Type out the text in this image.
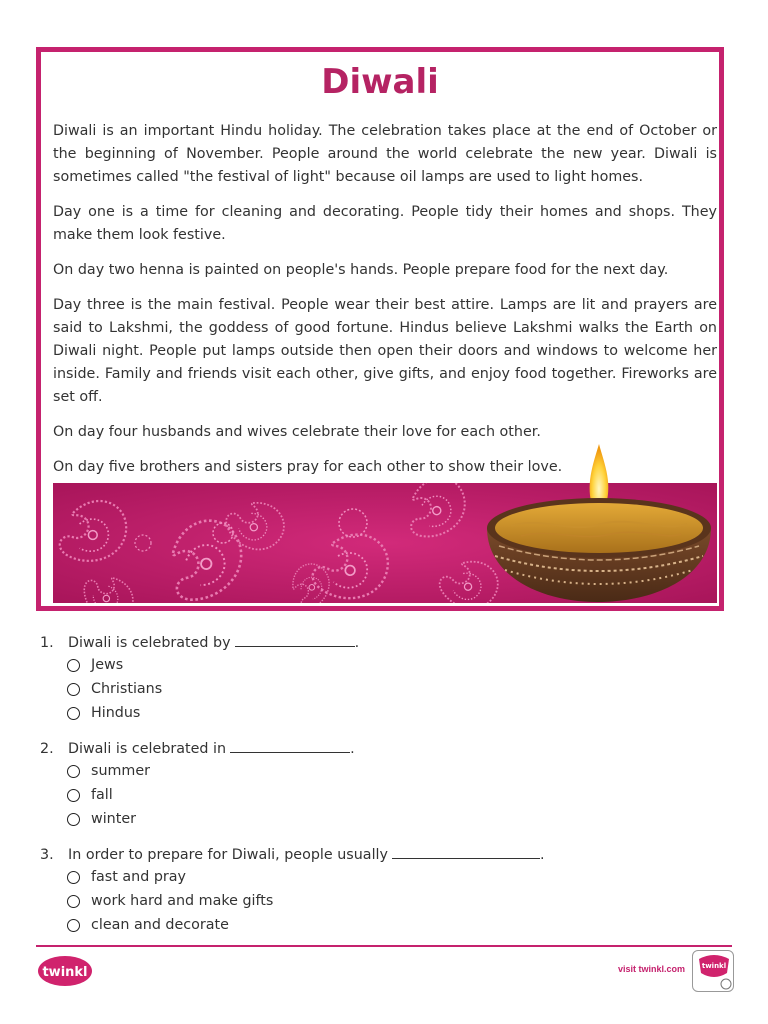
Diwali

Diwali is an important Hindu holiday. The celebration takes place at the end of October or the beginning of November. People around the world celebrate the new year. Diwali is sometimes called "the festival of light" because oil lamps are used to light homes.

Day one is a time for cleaning and decorating. People tidy their homes and shops. They make them look festive.

On day two henna is painted on people's hands. People prepare food for the next day.

Day three is the main festival. People wear their best attire. Lamps are lit and prayers are said to Lakshmi, the goddess of good fortune. Hindus believe Lakshmi walks the Earth on Diwali night. People put lamps outside then open their doors and windows to welcome her inside. Family and friends visit each other, give gifts, and enjoy food together. Fireworks are set off.

On day four husbands and wives celebrate their love for each other.

On day five brothers and sisters pray for each other to show their love.

1.	Diwali is celebrated by	.
Jews
Christians
Hindus
2.	Diwali is celebrated in	.
summer
fall
winter
3.	In order to prepare for Diwali, people usually	.
fast and pray
work hard and make gifts
clean and decorate
twinkl	visit twinkl.com twinkl
